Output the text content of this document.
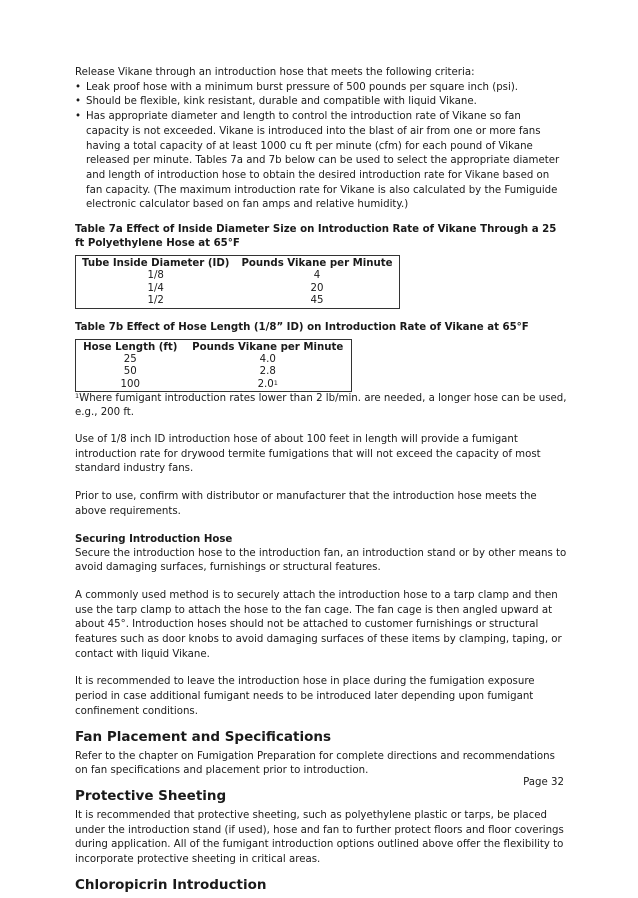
Release Vikane through an introduction hose that meets the following criteria:

• Leak proof hose with a minimum burst pressure of 500 pounds per square inch (psi).
• Should be flexible, kink resistant, durable and compatible with liquid Vikane.
• Has appropriate diameter and length to control the introduction rate of Vikane so fan capacity is not exceeded. Vikane is introduced into the blast of air from one or more fans having a total capacity of at least 1000 cu ft per minute (cfm) for each pound of Vikane released per minute. Tables 7a and 7b below can be used to select the appropriate diameter and length of introduction hose to obtain the desired introduction rate for Vikane based on fan capacity. (The maximum introduction rate for Vikane is also calculated by the Fumiguide electronic calculator based on fan amps and relative humidity.)
Table 7a Effect of Inside Diameter Size on Introduction Rate of Vikane Through a 25 ft Polyethylene Hose at 65°F
Tube Inside Diameter (ID)	Pounds Vikane per Minute
1/8	4
1/4	20
1/2	45
Table 7b Effect of Hose Length (1/8” ID) on Introduction Rate of Vikane at 65°F
Hose Length (ft)	Pounds Vikane per Minute
25	4.0
50	2.8
100	$2.0^1$

$^1$Where fumigant introduction rates lower than 2 lb/min. are needed, a longer hose can be used, e.g., 200 ft.

Use of 1/8 inch ID introduction hose of about 100 feet in length will provide a fumigant introduction rate for drywood termite fumigations that will not exceed the capacity of most standard industry fans.

Prior to use, confirm with distributor or manufacturer that the introduction hose meets the above requirements.

Securing Introduction Hose

Secure the introduction hose to the introduction fan, an introduction stand or by other means to avoid damaging surfaces, furnishings or structural features.

A commonly used method is to securely attach the introduction hose to a tarp clamp and then use the tarp clamp to attach the hose to the fan cage. The fan cage is then angled upward at about 45°. Introduction hoses should not be attached to customer furnishings or structural features such as door knobs to avoid damaging surfaces of these items by clamping, taping, or contact with liquid Vikane.

It is recommended to leave the introduction hose in place during the fumigation exposure period in case additional fumigant needs to be introduced later depending upon fumigant confinement conditions.

Fan Placement and Specifications

Refer to the chapter on Fumigation Preparation for complete directions and recommendations on fan specifications and placement prior to introduction.

Protective Sheeting

It is recommended that protective sheeting, such as polyethylene plastic or tarps, be placed under the introduction stand (if used), hose and fan to further protect floors and floor coverings during application. All of the fumigant introduction options outlined above offer the flexibility to incorporate protective sheeting in critical areas.

Chloropicrin Introduction
Page 32
